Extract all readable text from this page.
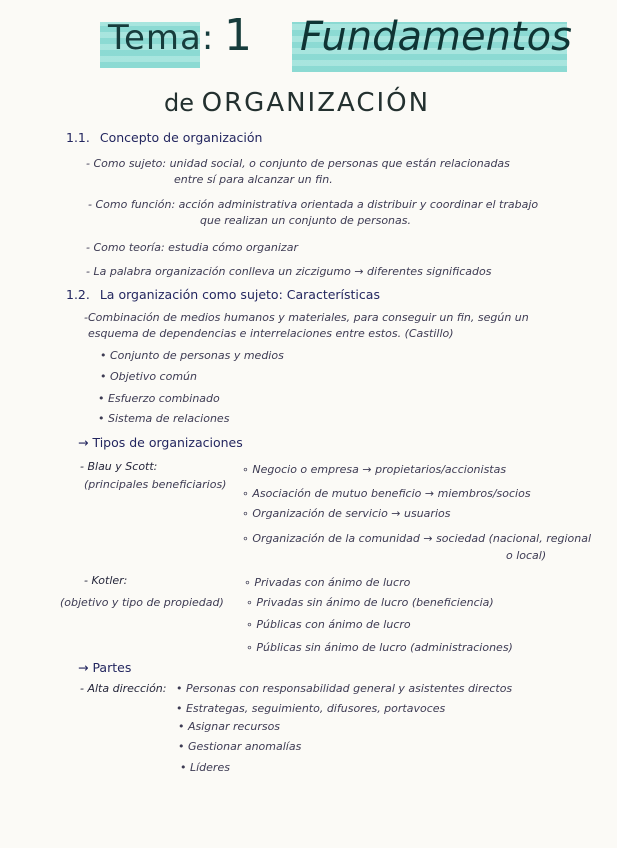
Tema: 1 Fundamentos
de ORGANIZACIÓN
1.1. Concepto de organización
- Como sujeto: unidad social, o conjunto de personas que están relacionadas
entre sí para alcanzar un fin.
- Como función: acción administrativa orientada a distribuir y coordinar el trabajo
que realizan un conjunto de personas.
- Como teoría: estudia cómo organizar
- La palabra organización conlleva un ziczigumo → diferentes significados
1.2. La organización como sujeto: Características
-Combinación de medios humanos y materiales, para conseguir un fin, según un
esquema de dependencias e interrelaciones entre estos. (Castillo)
• Conjunto de personas y medios
• Objetivo común
• Esfuerzo combinado
• Sistema de relaciones
→ Tipos de organizaciones
- Blau y Scott:
(principales beneficiarios)
∘ Negocio o empresa → propietarios/accionistas
∘ Asociación de mutuo beneficio → miembros/socios
∘ Organización de servicio → usuarios
∘ Organización de la comunidad → sociedad (nacional, regional
o local)
- Kotler:
(objetivo y tipo de propiedad)
∘ Privadas con ánimo de lucro
∘ Privadas sin ánimo de lucro (beneficiencia)
∘ Públicas con ánimo de lucro
∘ Públicas sin ánimo de lucro (administraciones)
→ Partes
- Alta dirección: • Personas con responsabilidad general y asistentes directos
• Estrategas, seguimiento, difusores, portavoces
• Asignar recursos
• Gestionar anomalías
• Líderes
